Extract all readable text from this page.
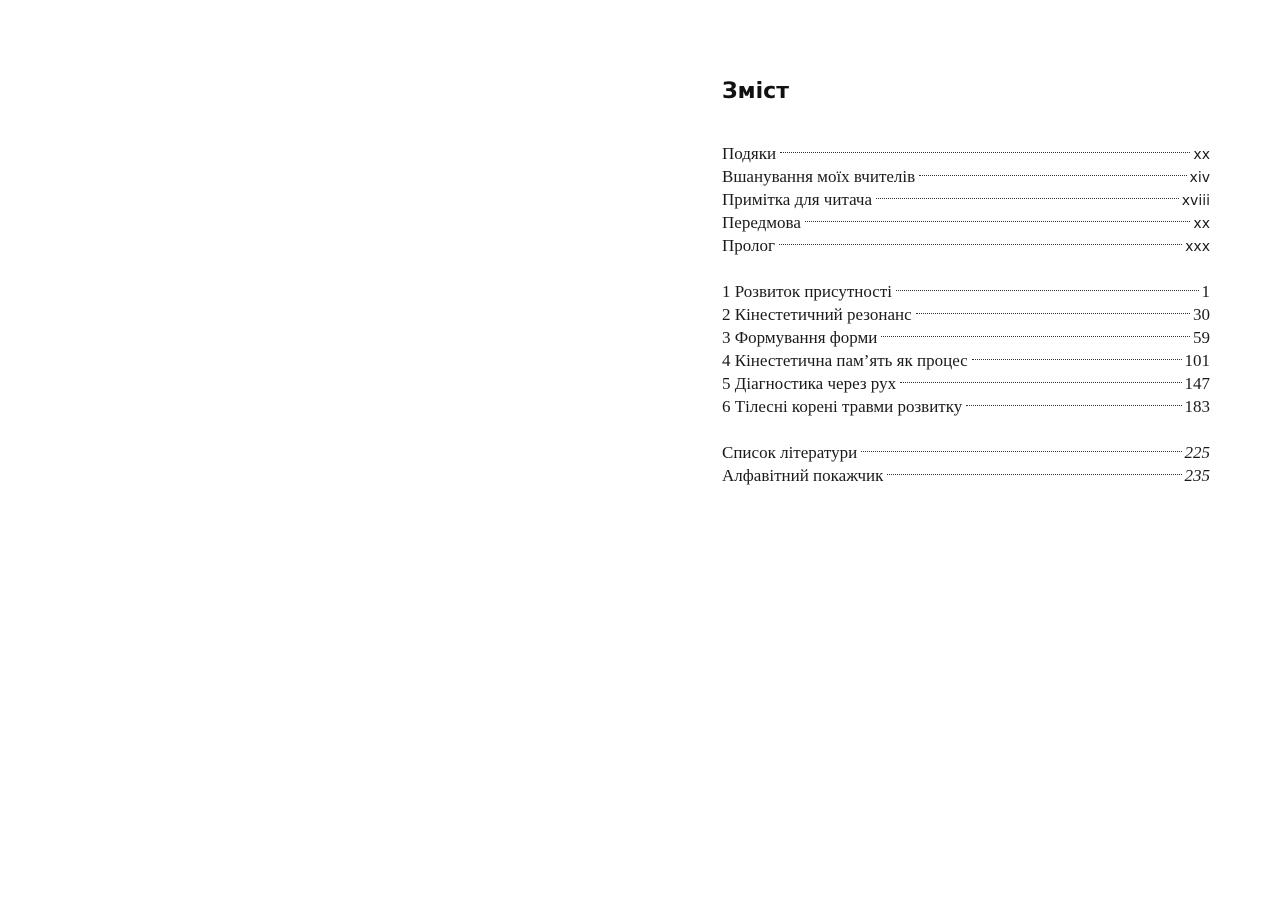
Зміст
Подяки	xx
Вшанування моїх вчителів	xiv
Примітка для читача	xviii
Передмова	xx
Пролог	xxx
1 Розвиток присутності	1
2 Кінестетичний резонанс	30
3 Формування форми	59
4 Кінестетична пам’ять як процес	101
5 Діагностика через рух	147
6 Тілесні корені травми розвитку	183
Список літератури	225
Алфавітний покажчик	235
